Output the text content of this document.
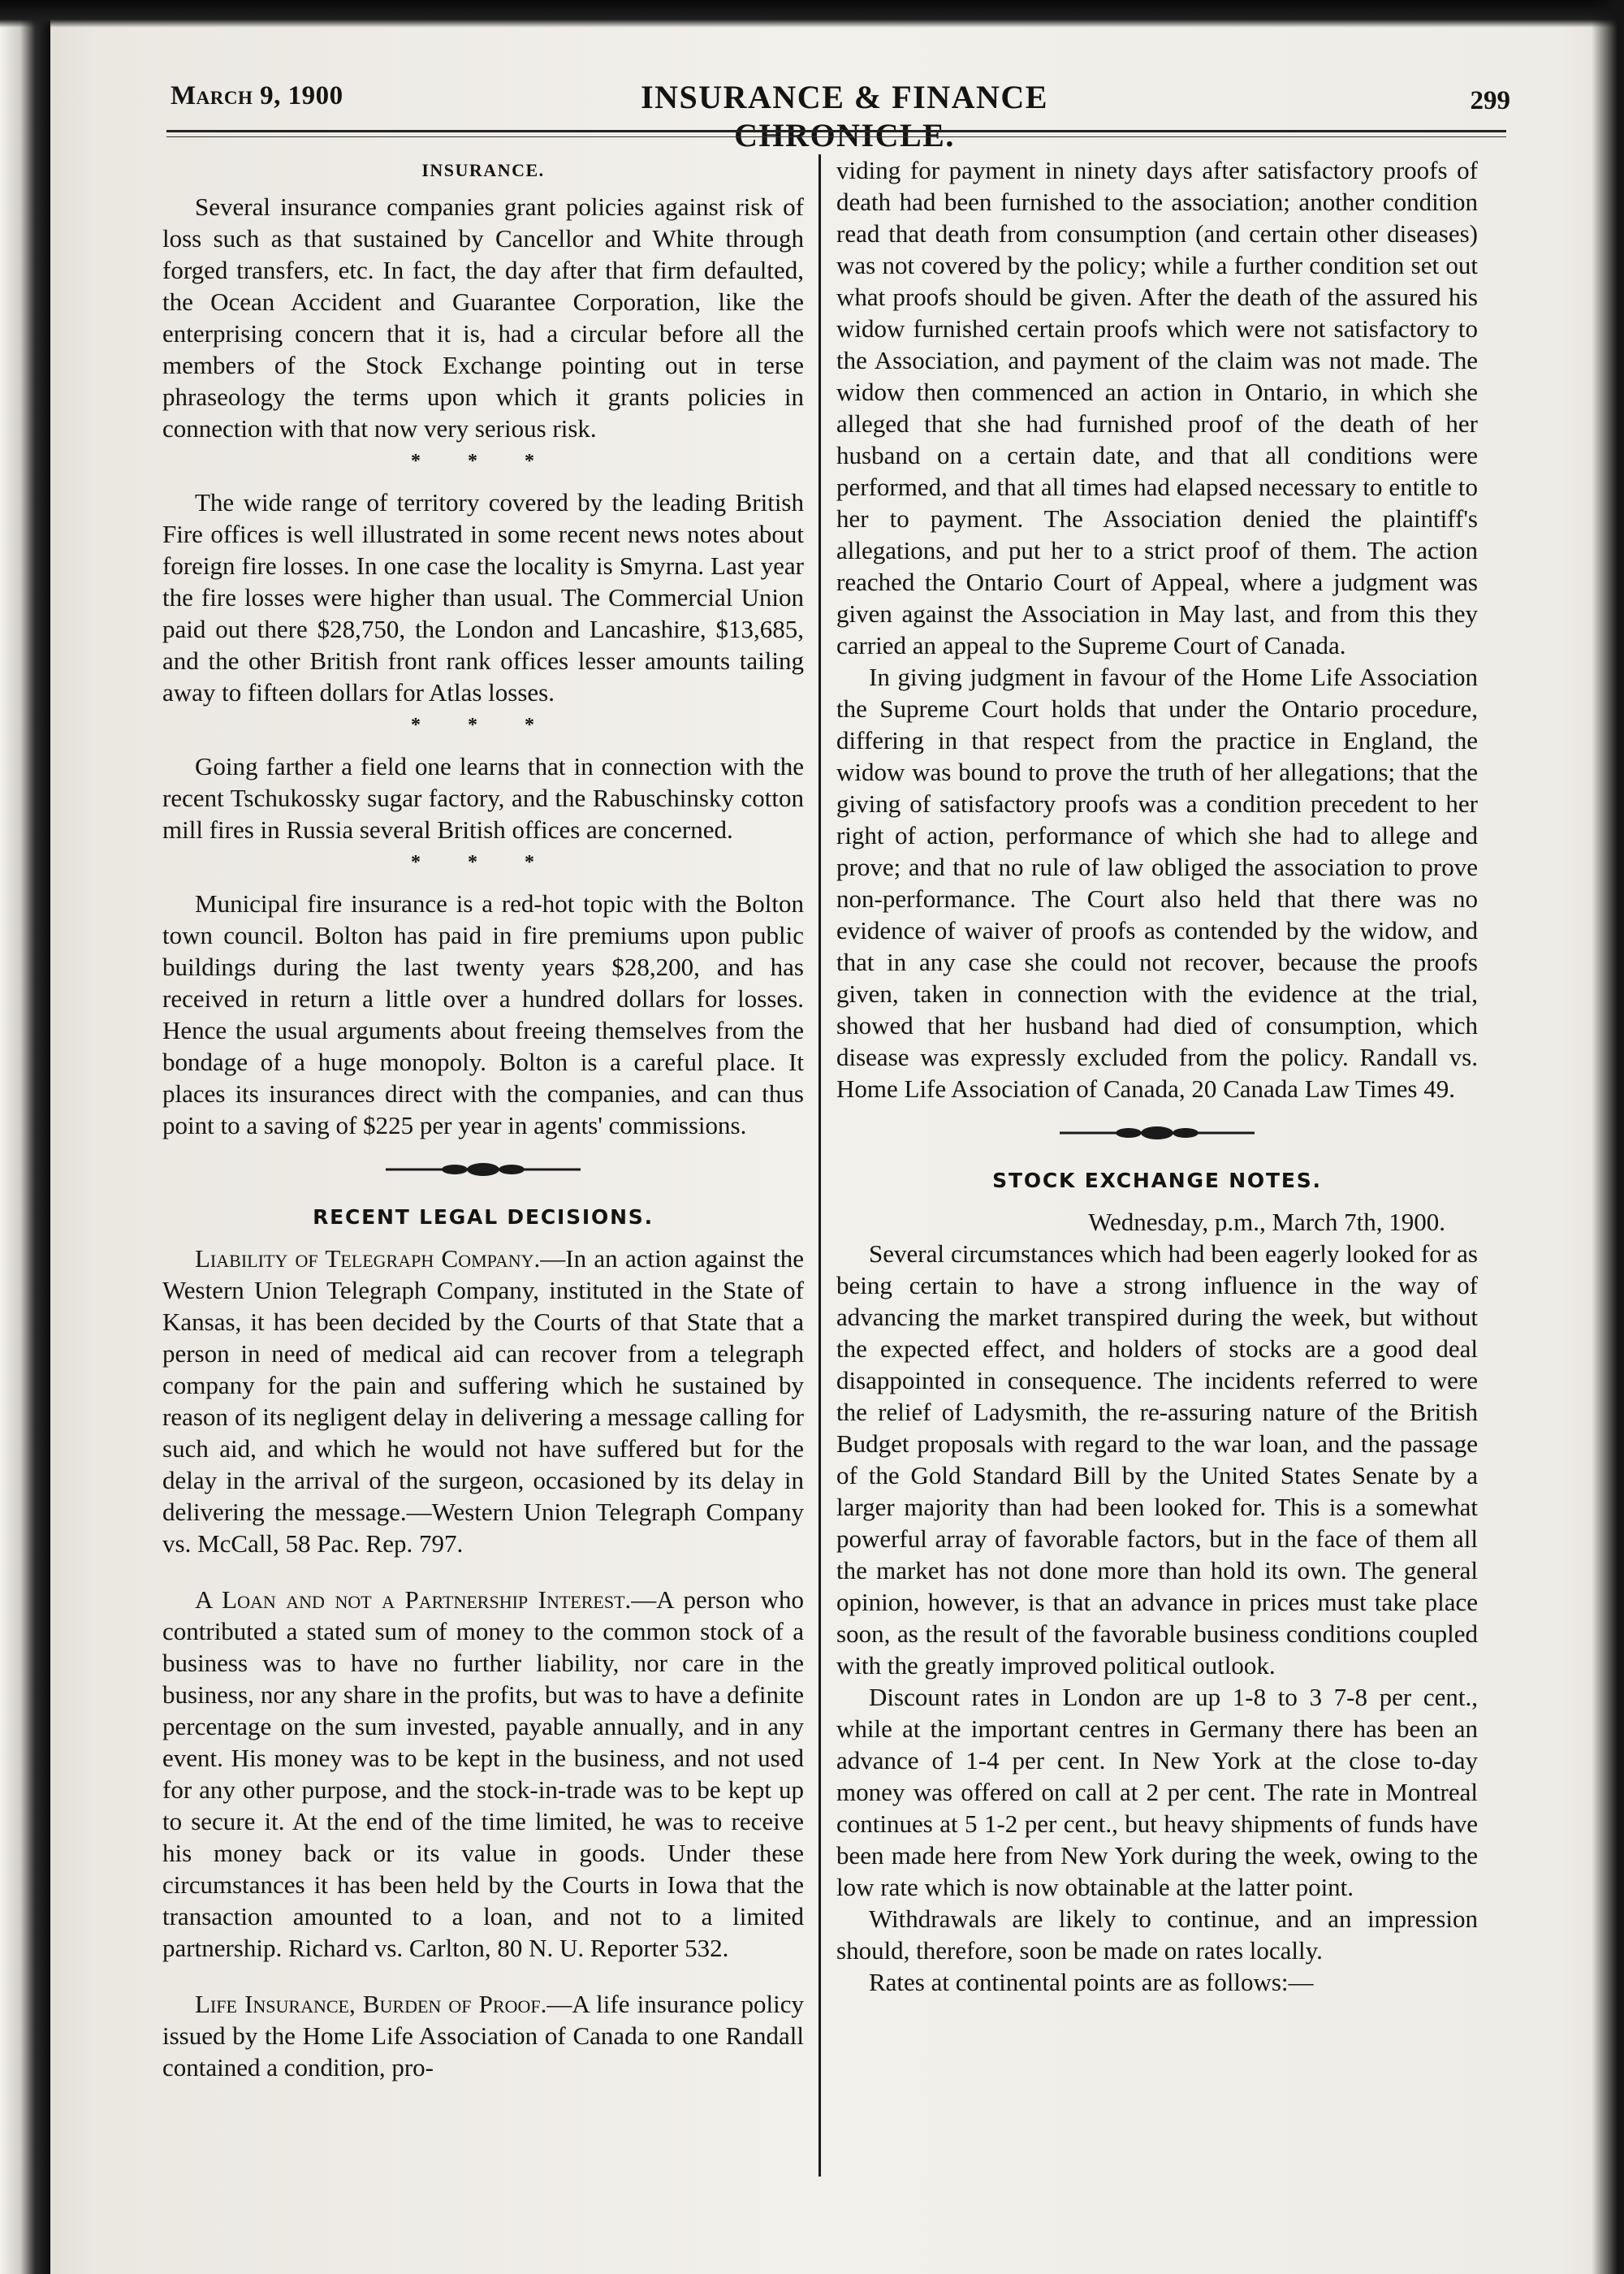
March 9, 1900	INSURANCE & FINANCE CHRONICLE.
299
INSURANCE.

Several insurance companies grant policies against risk of loss such as that sustained by Cancellor and White through forged transfers, etc. In fact, the day after that firm defaulted, the Ocean Accident and Guarantee Corporation, like the enterprising concern that it is, had a circular before all the members of the Stock Exchange pointing out in terse phraseology the terms upon which it grants policies in connection with that now very serious risk.

* * *

The wide range of territory covered by the leading British Fire offices is well illustrated in some recent news notes about foreign fire losses. In one case the locality is Smyrna. Last year the fire losses were higher than usual. The Commercial Union paid out there $28,750, the London and Lancashire, $13,685, and the other British front rank offices lesser amounts tailing away to fifteen dollars for Atlas losses.

* * *

Going farther a field one learns that in connection with the recent Tschukossky sugar factory, and the Rabuschinsky cotton mill fires in Russia several British offices are concerned.

* * *

Municipal fire insurance is a red-hot topic with the Bolton town council. Bolton has paid in fire premiums upon public buildings during the last twenty years $28,200, and has received in return a little over a hundred dollars for losses. Hence the usual arguments about freeing themselves from the bondage of a huge monopoly. Bolton is a careful place. It places its insurances direct with the companies, and can thus point to a saving of $225 per year in agents' commissions.

RECENT LEGAL DECISIONS.

Liability of Telegraph Company.—In an action against the Western Union Telegraph Company, instituted in the State of Kansas, it has been decided by the Courts of that State that a person in need of medical aid can recover from a telegraph company for the pain and suffering which he sustained by reason of its negligent delay in delivering a message calling for such aid, and which he would not have suffered but for the delay in the arrival of the surgeon, occasioned by its delay in delivering the message.—Western Union Telegraph Company vs. McCall, 58 Pac. Rep. 797.

A Loan and not a Partnership Interest.—A person who contributed a stated sum of money to the common stock of a business was to have no further liability, nor care in the business, nor any share in the profits, but was to have a definite percentage on the sum invested, payable annually, and in any event. His money was to be kept in the business, and not used for any other purpose, and the stock-in-trade was to be kept up to secure it. At the end of the time limited, he was to receive his money back or its value in goods. Under these circumstances it has been held by the Courts in Iowa that the transaction amounted to a loan, and not to a limited partnership. Richard vs. Carlton, 80 N. U. Reporter 532.

Life Insurance, Burden of Proof.—A life insurance policy issued by the Home Life Association of Canada to one Randall contained a condition, pro-

viding for payment in ninety days after satisfactory proofs of death had been furnished to the association; another condition read that death from consumption (and certain other diseases) was not covered by the policy; while a further condition set out what proofs should be given. After the death of the assured his widow furnished certain proofs which were not satisfactory to the Association, and payment of the claim was not made. The widow then commenced an action in Ontario, in which she alleged that she had furnished proof of the death of her husband on a certain date, and that all conditions were performed, and that all times had elapsed necessary to entitle to her to payment. The Association denied the plaintiff's allegations, and put her to a strict proof of them. The action reached the Ontario Court of Appeal, where a judgment was given against the Association in May last, and from this they carried an appeal to the Supreme Court of Canada.

In giving judgment in favour of the Home Life Association the Supreme Court holds that under the Ontario procedure, differing in that respect from the practice in England, the widow was bound to prove the truth of her allegations; that the giving of satisfactory proofs was a condition precedent to her right of action, performance of which she had to allege and prove; and that no rule of law obliged the association to prove non-performance. The Court also held that there was no evidence of waiver of proofs as contended by the widow, and that in any case she could not recover, because the proofs given, taken in connection with the evidence at the trial, showed that her husband had died of consumption, which disease was expressly excluded from the policy. Randall vs. Home Life Association of Canada, 20 Canada Law Times 49.

STOCK EXCHANGE NOTES.

Wednesday, p.m., March 7th, 1900.

Several circumstances which had been eagerly looked for as being certain to have a strong influence in the way of advancing the market transpired during the week, but without the expected effect, and holders of stocks are a good deal disappointed in consequence. The incidents referred to were the relief of Ladysmith, the re-assuring nature of the British Budget proposals with regard to the war loan, and the passage of the Gold Standard Bill by the United States Senate by a larger majority than had been looked for. This is a somewhat powerful array of favorable factors, but in the face of them all the market has not done more than hold its own. The general opinion, however, is that an advance in prices must take place soon, as the result of the favorable business conditions coupled with the greatly improved political outlook.

Discount rates in London are up 1-8 to 3 7-8 per cent., while at the important centres in Germany there has been an advance of 1-4 per cent. In New York at the close to-day money was offered on call at 2 per cent. The rate in Montreal continues at 5 1-2 per cent., but heavy shipments of funds have been made here from New York during the week, owing to the low rate which is now obtainable at the latter point.

Withdrawals are likely to continue, and an impression should, therefore, soon be made on rates locally.

Rates at continental points are as follows:—
